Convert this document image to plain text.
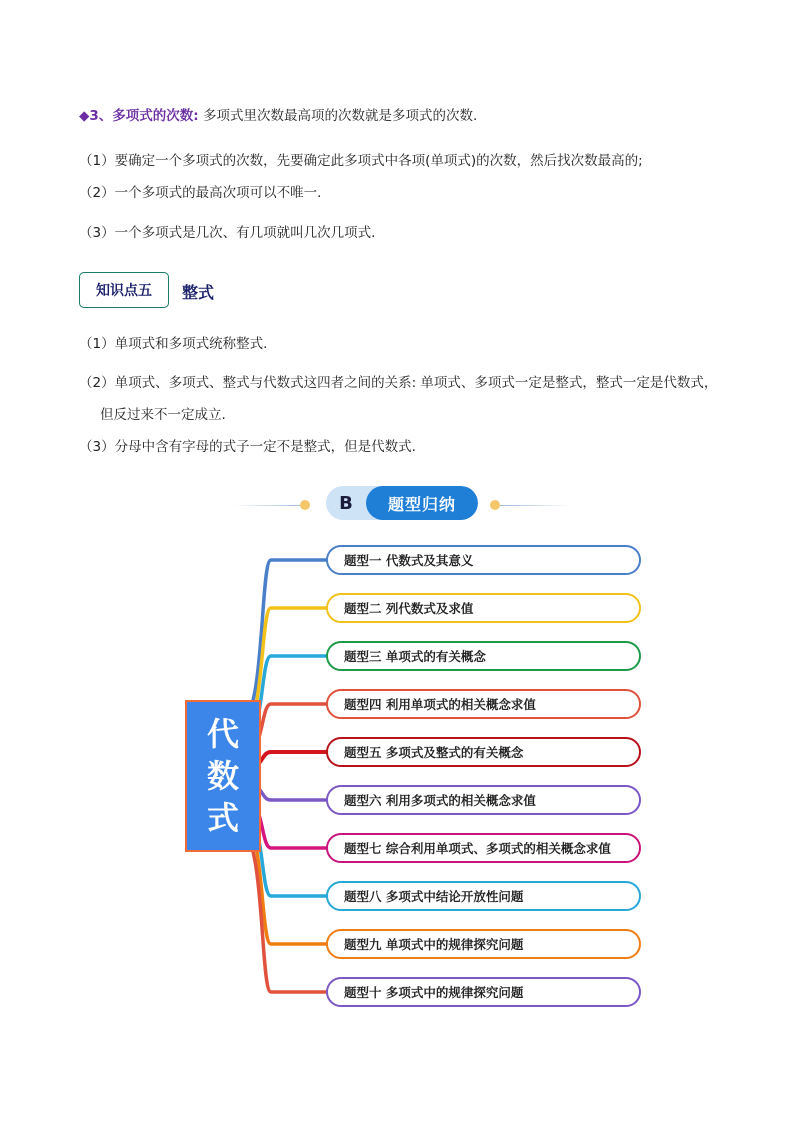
◆3、多项式的次数: 多项式里次数最高项的次数就是多项式的次数.
（1）要确定一个多项式的次数，先要确定此多项式中各项(单项式)的次数，然后找次数最高的;
（2）一个多项式的最高次项可以不唯一.
（3）一个多项式是几次、有几项就叫几次几项式.
知识点五	整式
（1）单项式和多项式统称整式.
（2）单项式、多项式、整式与代数式这四者之间的关系: 单项式、多项式一定是整式，整式一定是代数式，
但反过来不一定成立.
（3）分母中含有字母的式子一定不是整式，但是代数式.
B	题型归纳
代
数
式
题型一 代数式及其意义
题型二 列代数式及求值
题型三 单项式的有关概念
题型四 利用单项式的相关概念求值
题型五 多项式及整式的有关概念
题型六 利用多项式的相关概念求值
题型七 综合利用单项式、多项式的相关概念求值
题型八 多项式中结论开放性问题
题型九 单项式中的规律探究问题
题型十 多项式中的规律探究问题
